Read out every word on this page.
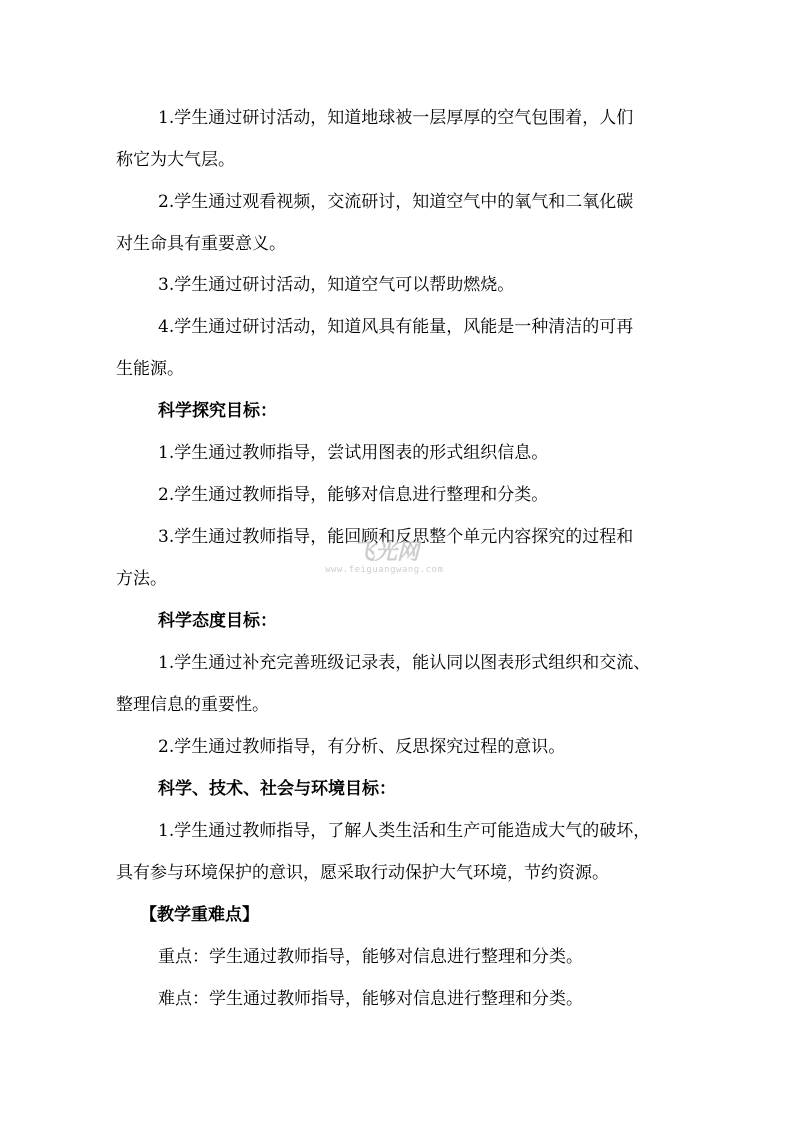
1.学生通过研讨活动，知道地球被一层厚厚的空气包围着，人们

称它为大气层。

2.学生通过观看视频，交流研讨，知道空气中的氧气和二氧化碳

对生命具有重要意义。

3.学生通过研讨活动，知道空气可以帮助燃烧。

4.学生通过研讨活动，知道风具有能量，风能是一种清洁的可再

生能源。

科学探究目标：

1.学生通过教师指导，尝试用图表的形式组织信息。

2.学生通过教师指导，能够对信息进行整理和分类。

3.学生通过教师指导，能回顾和反思整个单元内容探究的过程和

方法。

科学态度目标：

1.学生通过补充完善班级记录表，能认同以图表形式组织和交流、

整理信息的重要性。

2.学生通过教师指导，有分析、反思探究过程的意识。

科学、技术、社会与环境目标：

1.学生通过教师指导，了解人类生活和生产可能造成大气的破坏，

具有参与环境保护的意识，愿采取行动保护大气环境，节约资源。

【教学重难点】

重点：学生通过教师指导，能够对信息进行整理和分类。

难点：学生通过教师指导，能够对信息进行整理和分类。

飞光网
www.feiguangwang.com
